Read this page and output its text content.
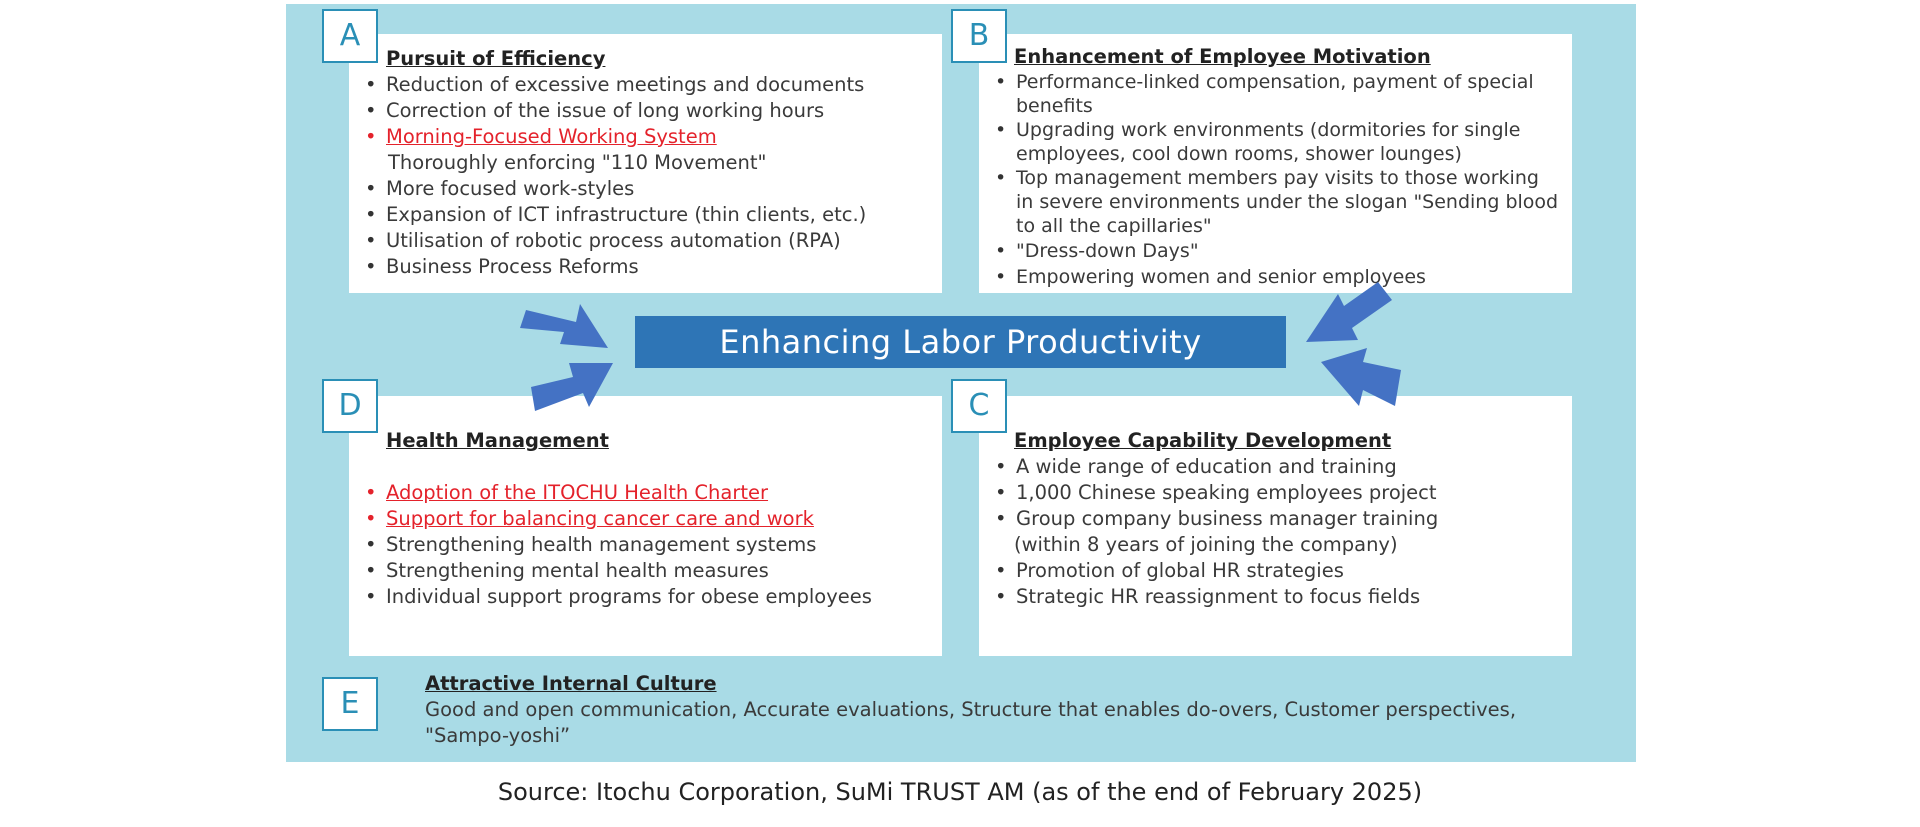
A	B
D	C
E
Pursuit of Efficiency
• Reduction of excessive meetings and documents
• Correction of the issue of long working hours
• Morning-Focused Working System
Thoroughly enforcing "110 Movement"
• More focused work-styles
• Expansion of ICT infrastructure (thin clients, etc.)
• Utilisation of robotic process automation (RPA)
• Business Process Reforms
Enhancement of Employee Motivation
• Performance-linked compensation, payment of special benefits
• Upgrading work environments (dormitories for single employees, cool down rooms, shower lounges)
• Top management members pay visits to those working in severe environments under the slogan "Sending blood to all the capillaries"
• "Dress-down Days"
• Empowering women and senior employees
Health Management
• Adoption of the ITOCHU Health Charter
• Support for balancing cancer care and work
• Strengthening health management systems
• Strengthening mental health measures
• Individual support programs for obese employees
Employee Capability Development
• A wide range of education and training
• 1,000 Chinese speaking employees project
• Group company business manager training
(within 8 years of joining the company)
• Promotion of global HR strategies
• Strategic HR reassignment to focus fields
Attractive Internal Culture
Good and open communication, Accurate evaluations, Structure that enables do-overs, Customer perspectives, "Sampo-yoshi”
Enhancing Labor Productivity
Source: Itochu Corporation, SuMi TRUST AM (as of the end of February 2025)
